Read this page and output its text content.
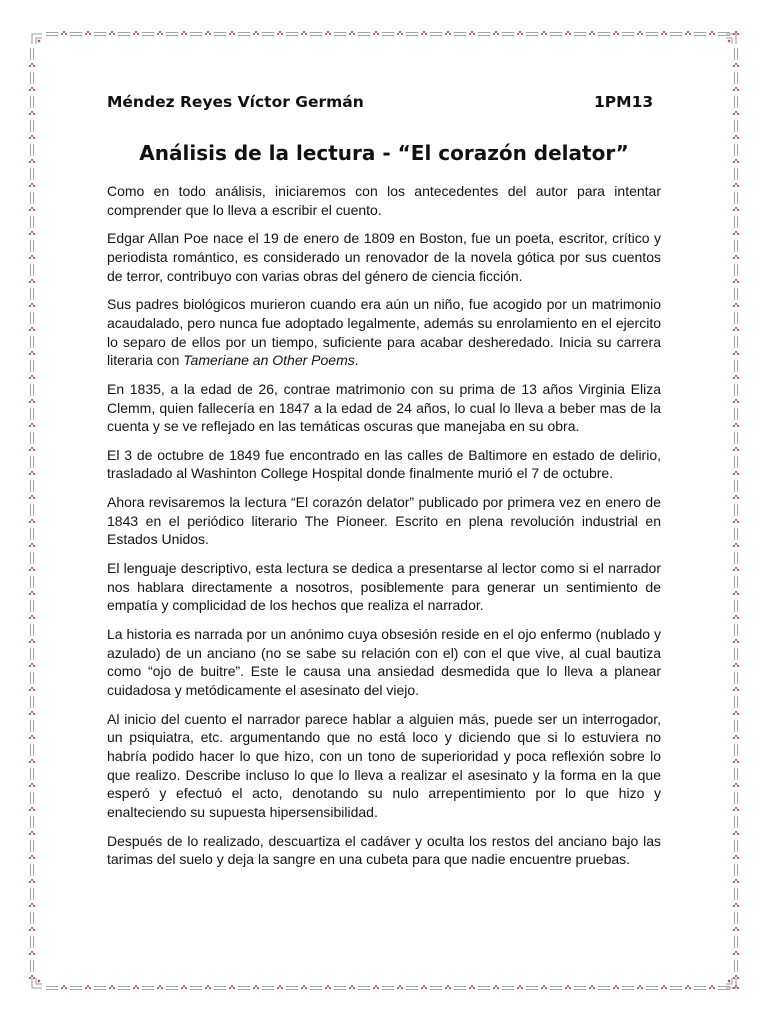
Méndez Reyes Víctor Germán	1PM13
Análisis de la lectura - “El corazón delator”

Como en todo análisis, iniciaremos con los antecedentes del autor para intentar comprender que lo lleva a escribir el cuento.

Edgar Allan Poe nace el 19 de enero de 1809 en Boston, fue un poeta, escritor, crítico y periodista romántico, es considerado un renovador de la novela gótica por sus cuentos de terror, contribuyo con varias obras del género de ciencia ficción.

Sus padres biológicos murieron cuando era aún un niño, fue acogido por un matrimonio acaudalado, pero nunca fue adoptado legalmente, además su enrolamiento en el ejercito lo separo de ellos por un tiempo, suficiente para acabar desheredado. Inicia su carrera literaria con Tameriane an Other Poems.

En 1835, a la edad de 26, contrae matrimonio con su prima de 13 años Virginia Eliza Clemm, quien fallecería en 1847 a la edad de 24 años, lo cual lo lleva a beber mas de la cuenta y se ve reflejado en las temáticas oscuras que manejaba en su obra.

El 3 de octubre de 1849 fue encontrado en las calles de Baltimore en estado de delirio, trasladado al Washinton College Hospital donde finalmente murió el 7 de octubre.

Ahora revisaremos la lectura “El corazón delator” publicado por primera vez en enero de 1843 en el periódico literario The Pioneer. Escrito en plena revolución industrial en Estados Unidos.

El lenguaje descriptivo, esta lectura se dedica a presentarse al lector como si el narrador nos hablara directamente a nosotros, posiblemente para generar un sentimiento de empatía y complicidad de los hechos que realiza el narrador.

La historia es narrada por un anónimo cuya obsesión reside en el ojo enfermo (nublado y azulado) de un anciano (no se sabe su relación con el) con el que vive, al cual bautiza como “ojo de buitre”. Este le causa una ansiedad desmedida que lo lleva a planear cuidadosa y metódicamente el asesinato del viejo.

Al inicio del cuento el narrador parece hablar a alguien más, puede ser un interrogador, un psiquiatra, etc. argumentando que no está loco y diciendo que si lo estuviera no habría podido hacer lo que hizo, con un tono de superioridad y poca reflexión sobre lo que realizo. Describe incluso lo que lo lleva a realizar el asesinato y la forma en la que esperó y efectuó el acto, denotando su nulo arrepentimiento por lo que hizo y enalteciendo su supuesta hipersensibilidad.

Después de lo realizado, descuartiza el cadáver y oculta los restos del anciano bajo las tarimas del suelo y deja la sangre en una cubeta para que nadie encuentre pruebas.
